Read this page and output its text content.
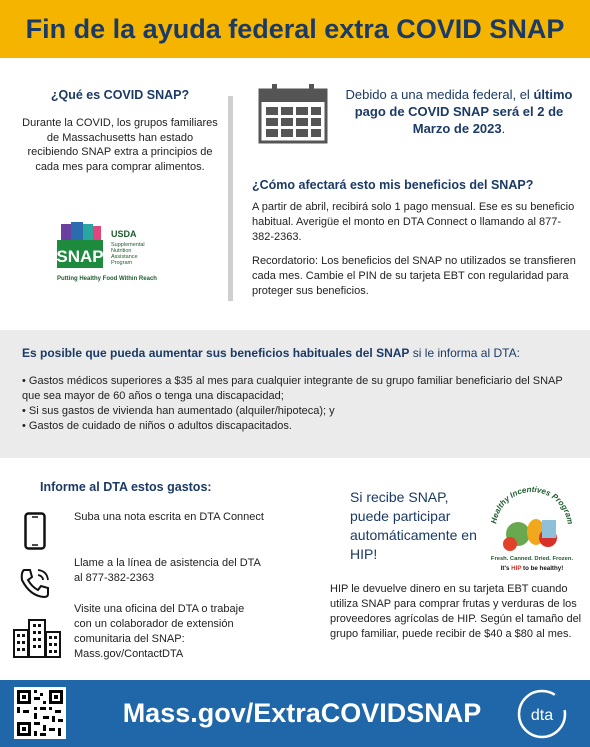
Fin de la ayuda federal extra COVID SNAP
¿Qué es COVID SNAP?
Durante la COVID, los grupos familiares de Massachusetts han estado recibiendo SNAP extra a principios de cada mes para comprar alimentos.
SNAP
USDA
Supplemental
Nutrition
Assistance
Program
Putting Healthy Food Within Reach
Debido a una medida federal, el último pago de COVID SNAP será el 2 de Marzo de 2023.
¿Cómo afectará esto mis beneficios del SNAP?
A partir de abril, recibirá solo 1 pago mensual. Ese es su beneficio habitual. Averigüe el monto en DTA Connect o llamando al 877-382-2363.
Recordatorio: Los beneficios del SNAP no utilizados se transfieren cada mes. Cambie el PIN de su tarjeta EBT con regularidad para proteger sus beneficios.
Es posible que pueda aumentar sus beneficios habituales del SNAP si le informa al DTA:
• Gastos médicos superiores a $35 al mes para cualquier integrante de su grupo familiar beneficiario del SNAP que sea mayor de 60 años o tenga una discapacidad;
• Si sus gastos de vivienda han aumentado (alquiler/hipoteca); y
• Gastos de cuidado de niños o adultos discapacitados.
Informe al DTA estos gastos:
Suba una nota escrita en DTA Connect
Llame a la línea de asistencia del DTA al 877-382-2363
Visite una oficina del DTA o trabaje con un colaborador de extensión comunitaria del SNAP: Mass.gov/ContactDTA
Si recibe SNAP, puede participar automáticamente en HIP!
Healthy Incentives Program
Fresh. Canned. Dried. Frozen.
It's HIP to be healthy!
HIP le devuelve dinero en su tarjeta EBT cuando utiliza SNAP para comprar frutas y verduras de los proveedores agrícolas de HIP. Según el tamaño del grupo familiar, puede recibir de $40 a $80 al mes.
Mass.gov/ExtraCOVIDSNAP	dta
